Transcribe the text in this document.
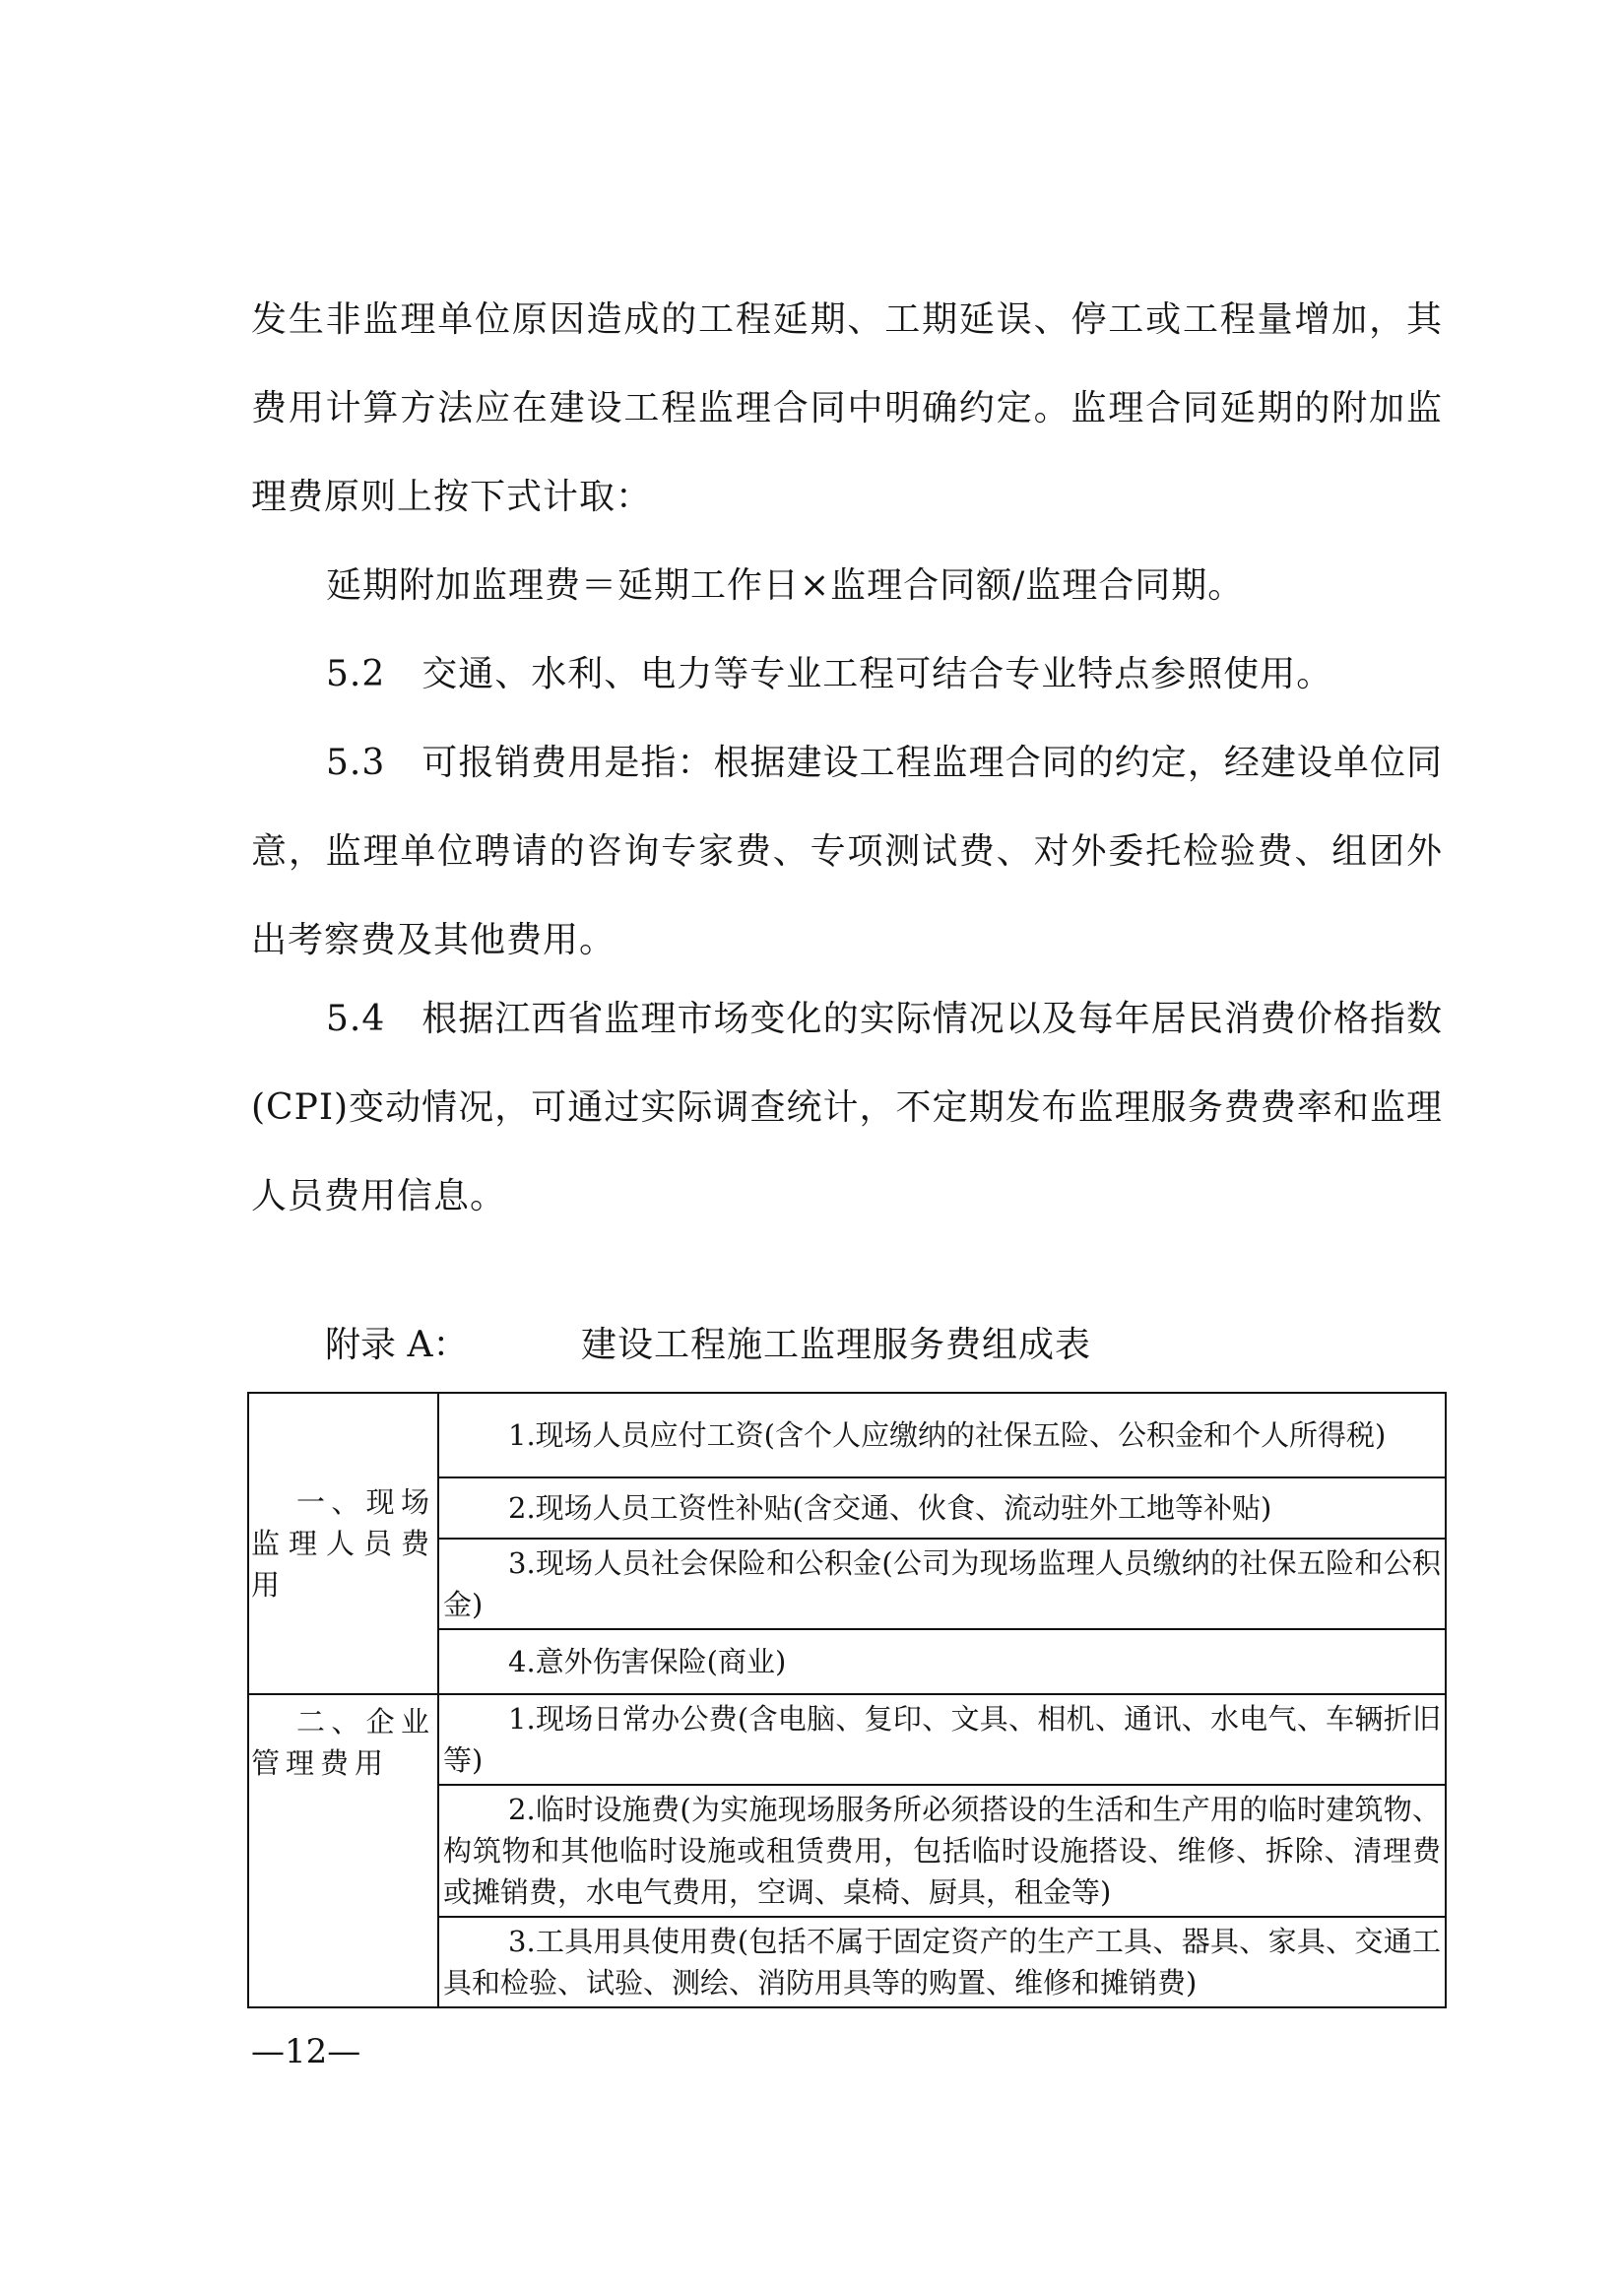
发生非监理单位原因造成的工程延期、工期延误、停工或工程量增加，其费用计算方法应在建设工程监理合同中明确约定。监理合同延期的附加监理费原则上按下式计取：

延期附加监理费＝延期工作日×监理合同额/监理合同期。

5.2　交通、水利、电力等专业工程可结合专业特点参照使用。

5.3　可报销费用是指：根据建设工程监理合同的约定，经建设单位同意，监理单位聘请的咨询专家费、专项测试费、对外委托检验费、组团外出考察费及其他费用。

5.4　根据江西省监理市场变化的实际情况以及每年居民消费价格指数(CPI)变动情况，可通过实际调查统计，不定期发布监理服务费费率和监理人员费用信息。

附录 A：	建设工程施工监理服务费组成表
一、现场监理人员费用	1.现场人员应付工资(含个人应缴纳的社保五险、公积金和个人所得税)
	2.现场人员工资性补贴(含交通、伙食、流动驻外工地等补贴)
	3.现场人员社会保险和公积金(公司为现场监理人员缴纳的社保五险和公积金)
	4.意外伤害保险(商业)

二、企业管理费用	1.现场日常办公费(含电脑、复印、文具、相机、通讯、水电气、车辆折旧等)
	2.临时设施费(为实施现场服务所必须搭设的生活和生产用的临时建筑物、构筑物和其他临时设施或租赁费用，包括临时设施搭设、维修、拆除、清理费或摊销费，水电气费用，空调、桌椅、厨具，租金等)
	3.工具用具使用费(包括不属于固定资产的生产工具、器具、家具、交通工具和检验、试验、测绘、消防用具等的购置、维修和摊销费)
—12—
